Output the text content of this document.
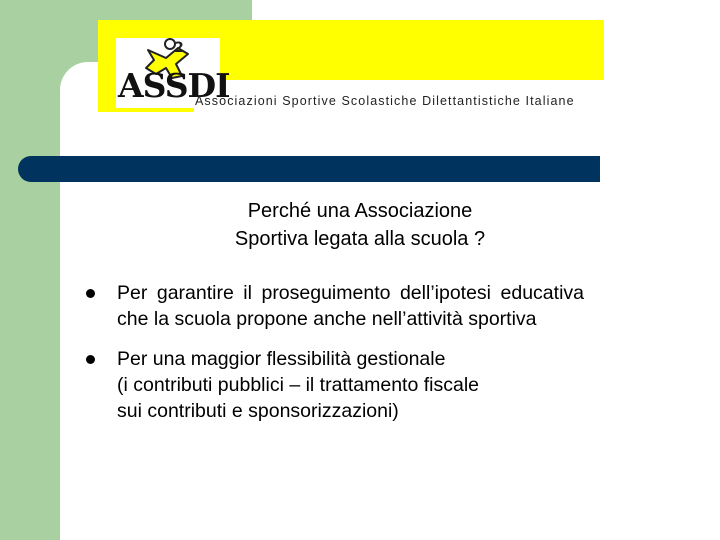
2
ASSDI
Associazioni Sportive Scolastiche Dilettantistiche Italiane
Perché una Associazione
Sportiva legata alla scuola ?
Per garantire il proseguimento dell’ipotesi educativa che la scuola propone anche nell’attività sportiva
Per una maggior flessibilità gestionale
(i contributi pubblici – il trattamento fiscale
sui contributi e sponsorizzazioni)
